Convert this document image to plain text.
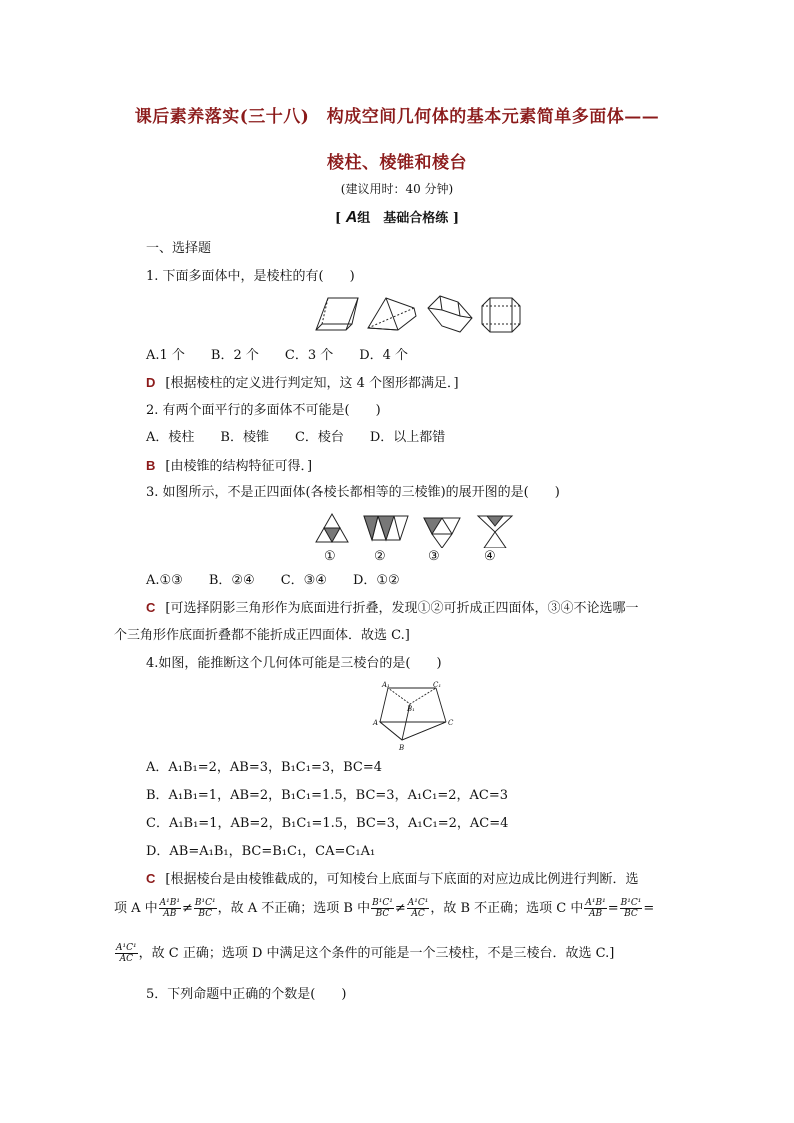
课后素养落实(三十八)　构成空间几何体的基本元素简单多面体——
棱柱、棱锥和棱台
(建议用时：40 分钟)
[ A组　基础合格练 ]
一、选择题
1. 下面多面体中，是棱柱的有(　　)
A.1 个　　B．2 个　　C．3 个　　D．4 个
D [根据棱柱的定义进行判定知，这 4 个图形都满足．]
2. 有两个面平行的多面体不可能是(　　)
A．棱柱　　B．棱锥　　C．棱台　　D．以上都错
B [由棱锥的结构特征可得．]
3. 如图所示，不是正四面体(各棱长都相等的三棱锥)的展开图的是(　　)
①	②	③	④
A.①③　　B．②④　　C．③④　　D．①②
C [可选择阴影三角形作为底面进行折叠，发现①②可折成正四面体，③④不论选哪一
个三角形作底面折叠都不能折成正四面体．故选 C.]
4.如图，能推断这个几何体可能是三棱台的是(　　)
A₁	C₁
B₁
A	C
B
A．A₁B₁=2，AB=3，B₁C₁=3，BC=4
B．A₁B₁=1，AB=2，B₁C₁=1.5，BC=3，A₁C₁=2，AC=3
C．A₁B₁=1，AB=2，B₁C₁=1.5，BC=3，A₁C₁=2，AC=4
D．AB=A₁B₁，BC=B₁C₁，CA=C₁A₁
C [根据棱台是由棱锥截成的，可知棱台上底面与下底面的对应边成比例进行判断．选
项 A 中 $\frac{\text{A¹B¹}}{AB} \ne \frac{\text{B¹C¹}}{BC}$ ，故 A 不正确；选项 B 中 $\frac{\text{B¹C¹}}{BC} \ne \frac{\text{A¹C¹}}{AC}$ ，故 B 不正确；选项 C 中 $\frac{\text{A¹B¹}}{AB} = \frac{\text{B¹C¹}}{BC}$ =
$\frac{\text{A¹C¹}}{AC}$ ，故 C 正确；选项 D 中满足这个条件的可能是一个三棱柱，不是三棱台．故选 C.]
5．下列命题中正确的个数是(　　)
